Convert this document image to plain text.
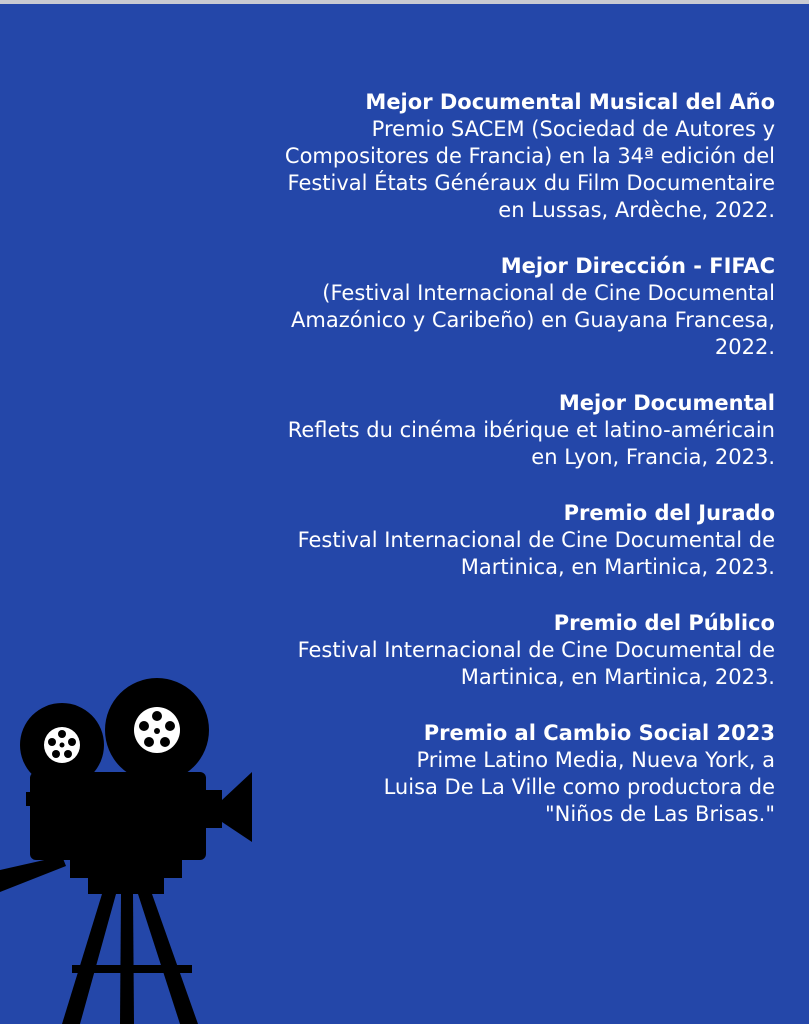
Mejor Documental Musical del Año
Premio SACEM (Sociedad de Autores y
Compositores de Francia) en la 34ª edición del
Festival États Généraux du Film Documentaire
en Lussas, Ardèche, 2022.
Mejor Dirección - FIFAC
(Festival Internacional de Cine Documental
Amazónico y Caribeño) en Guayana Francesa,
2022.
Mejor Documental
Reflets du cinéma ibérique et latino-américain
en Lyon, Francia, 2023.
Premio del Jurado
Festival Internacional de Cine Documental de
Martinica, en Martinica, 2023.
Premio del Público
Festival Internacional de Cine Documental de
Martinica, en Martinica, 2023.
Premio al Cambio Social 2023
Prime Latino Media, Nueva York, a
Luisa De La Ville como productora de
"Niños de Las Brisas."
